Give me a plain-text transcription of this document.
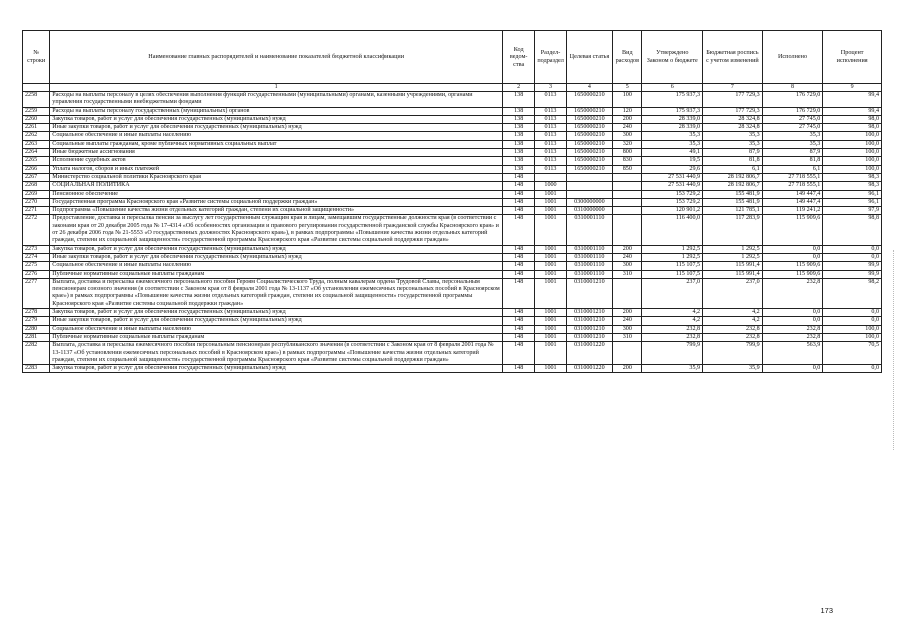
№ строки	Наименование главных распорядителей и наименование показателей бюджетной классификации	Код ведом-ства	Раздел-подраздел	Целевая статья	Вид расходов	Утверждено Законом о бюджете	Бюджетная роспись с учетом изменений	Исполнено	Процент исполнения
	1	2	3	4	5	6	7	8	9
2258	Расходы на выплаты персоналу в целях обеспечения выполнения функций государственными (муниципальными) органами, казенными учреждениями, органами управления государственными внебюджетными фондами	138	0113	1650000210	100	175 937,3	177 729,3	176 729,0	99,4
2259	Расходы на выплаты персоналу государственных (муниципальных) органов	138	0113	1650000210	120	175 937,3	177 729,3	176 729,0	99,4
2260	Закупка товаров, работ и услуг для обеспечения государственных (муниципальных) нужд	138	0113	1650000210	200	28 339,0	28 324,8	27 745,0	98,0
2261	Иные закупки товаров, работ и услуг для обеспечения государственных (муниципальных) нужд	138	0113	1650000210	240	28 339,0	28 324,8	27 745,0	98,0
2262	Социальное обеспечение и иные выплаты населению	138	0113	1650000210	300	35,3	35,3	35,3	100,0
2263	Социальные выплаты гражданам, кроме публичных нормативных социальных выплат	138	0113	1650000210	320	35,3	35,3	35,3	100,0
2264	Иные бюджетные ассигнования	138	0113	1650000210	800	49,1	87,9	87,9	100,0
2265	Исполнение судебных актов	138	0113	1650000210	830	19,5	81,8	81,8	100,0
2266	Уплата налогов, сборов и иных платежей	138	0113	1650000210	850	29,6	6,1	6,1	100,0
2267	Министерство социальной политики Красноярского края	148				27 531 440,9	28 192 806,7	27 718 555,1	98,3
2268	СОЦИАЛЬНАЯ ПОЛИТИКА	148	1000			27 531 440,9	28 192 806,7	27 718 555,1	98,3
2269	Пенсионное обеспечение	148	1001			153 729,2	155 481,9	149 447,4	96,1
2270	Государственная программа Красноярского края «Развитие системы социальной поддержки граждан»	148	1001	0300000000		153 729,2	155 481,9	149 447,4	96,1
2271	Подпрограмма «Повышение качества жизни отдельных категорий граждан, степени их социальной защищенности»	148	1001	0310000000		120 901,2	121 785,1	119 241,2	97,9
2272	Предоставление, доставка и пересылка пенсии за выслугу лет государственным служащим края и лицам, замещавшим государственные должности края (в соответствии с законами края от 20 декабря 2005 года № 17-4314 «Об особенностях организации и правового регулирования государственной гражданской службы Красноярского края» и от 26 декабря 2006 года № 21-5553 «О государственных должностях Красноярского края»), в рамках подпрограммы «Повышение качества жизни отдельных категорий граждан, степени их социальной защищенности» государственной программы Красноярского края «Развитие системы социальной поддержки граждан»	148	1001	0310001110		116 400,0	117 283,9	115 909,6	98,8
2273	Закупка товаров, работ и услуг для обеспечения государственных (муниципальных) нужд	148	1001	0310001110	200	1 292,5	1 292,5	0,0	0,0
2274	Иные закупки товаров, работ и услуг для обеспечения государственных (муниципальных) нужд	148	1001	0310001110	240	1 292,5	1 292,5	0,0	0,0
2275	Социальное обеспечение и иные выплаты населению	148	1001	0310001110	300	115 107,5	115 991,4	115 909,6	99,9
2276	Публичные нормативные социальные выплаты гражданам	148	1001	0310001110	310	115 107,5	115 991,4	115 909,6	99,9
2277	Выплата, доставка и пересылка ежемесячного персонального пособия Героям Социалистического Труда, полным кавалерам ордена Трудовой Славы, персональным пенсионерам союзного значения (в соответствии с Законом края от 8 февраля 2001 года № 13-1137 «Об установлении ежемесячных персональных пособий в Красноярском крае») в рамках подпрограммы «Повышение качества жизни отдельных категорий граждан, степени их социальной защищенности» государственной программы Красноярского края «Развитие системы социальной поддержки граждан»	148	1001	0310001210		237,0	237,0	232,8	98,2
2278	Закупка товаров, работ и услуг для обеспечения государственных (муниципальных) нужд	148	1001	0310001210	200	4,2	4,2	0,0	0,0
2279	Иные закупки товаров, работ и услуг для обеспечения государственных (муниципальных) нужд	148	1001	0310001210	240	4,2	4,2	0,0	0,0
2280	Социальное обеспечение и иные выплаты населению	148	1001	0310001210	300	232,8	232,8	232,8	100,0
2281	Публичные нормативные социальные выплаты гражданам	148	1001	0310001210	310	232,8	232,8	232,8	100,0
2282	Выплата, доставка и пересылка ежемесячного пособия персональным пенсионерам республиканского значения (в соответствии с Законом края от 8 февраля 2001 года № 13-1137 «Об установлении ежемесячных персональных пособий в Красноярском крае») в рамках подпрограммы «Повышение качества жизни отдельных категорий граждан, степени их социальной защищенности» государственной программы Красноярского края «Развитие системы социальной поддержки граждан»	148	1001	0310001220		799,9	799,9	563,9	70,5
2283	Закупка товаров, работ и услуг для обеспечения государственных (муниципальных) нужд	148	1001	0310001220	200	35,9	35,9	0,0	0,0
173
